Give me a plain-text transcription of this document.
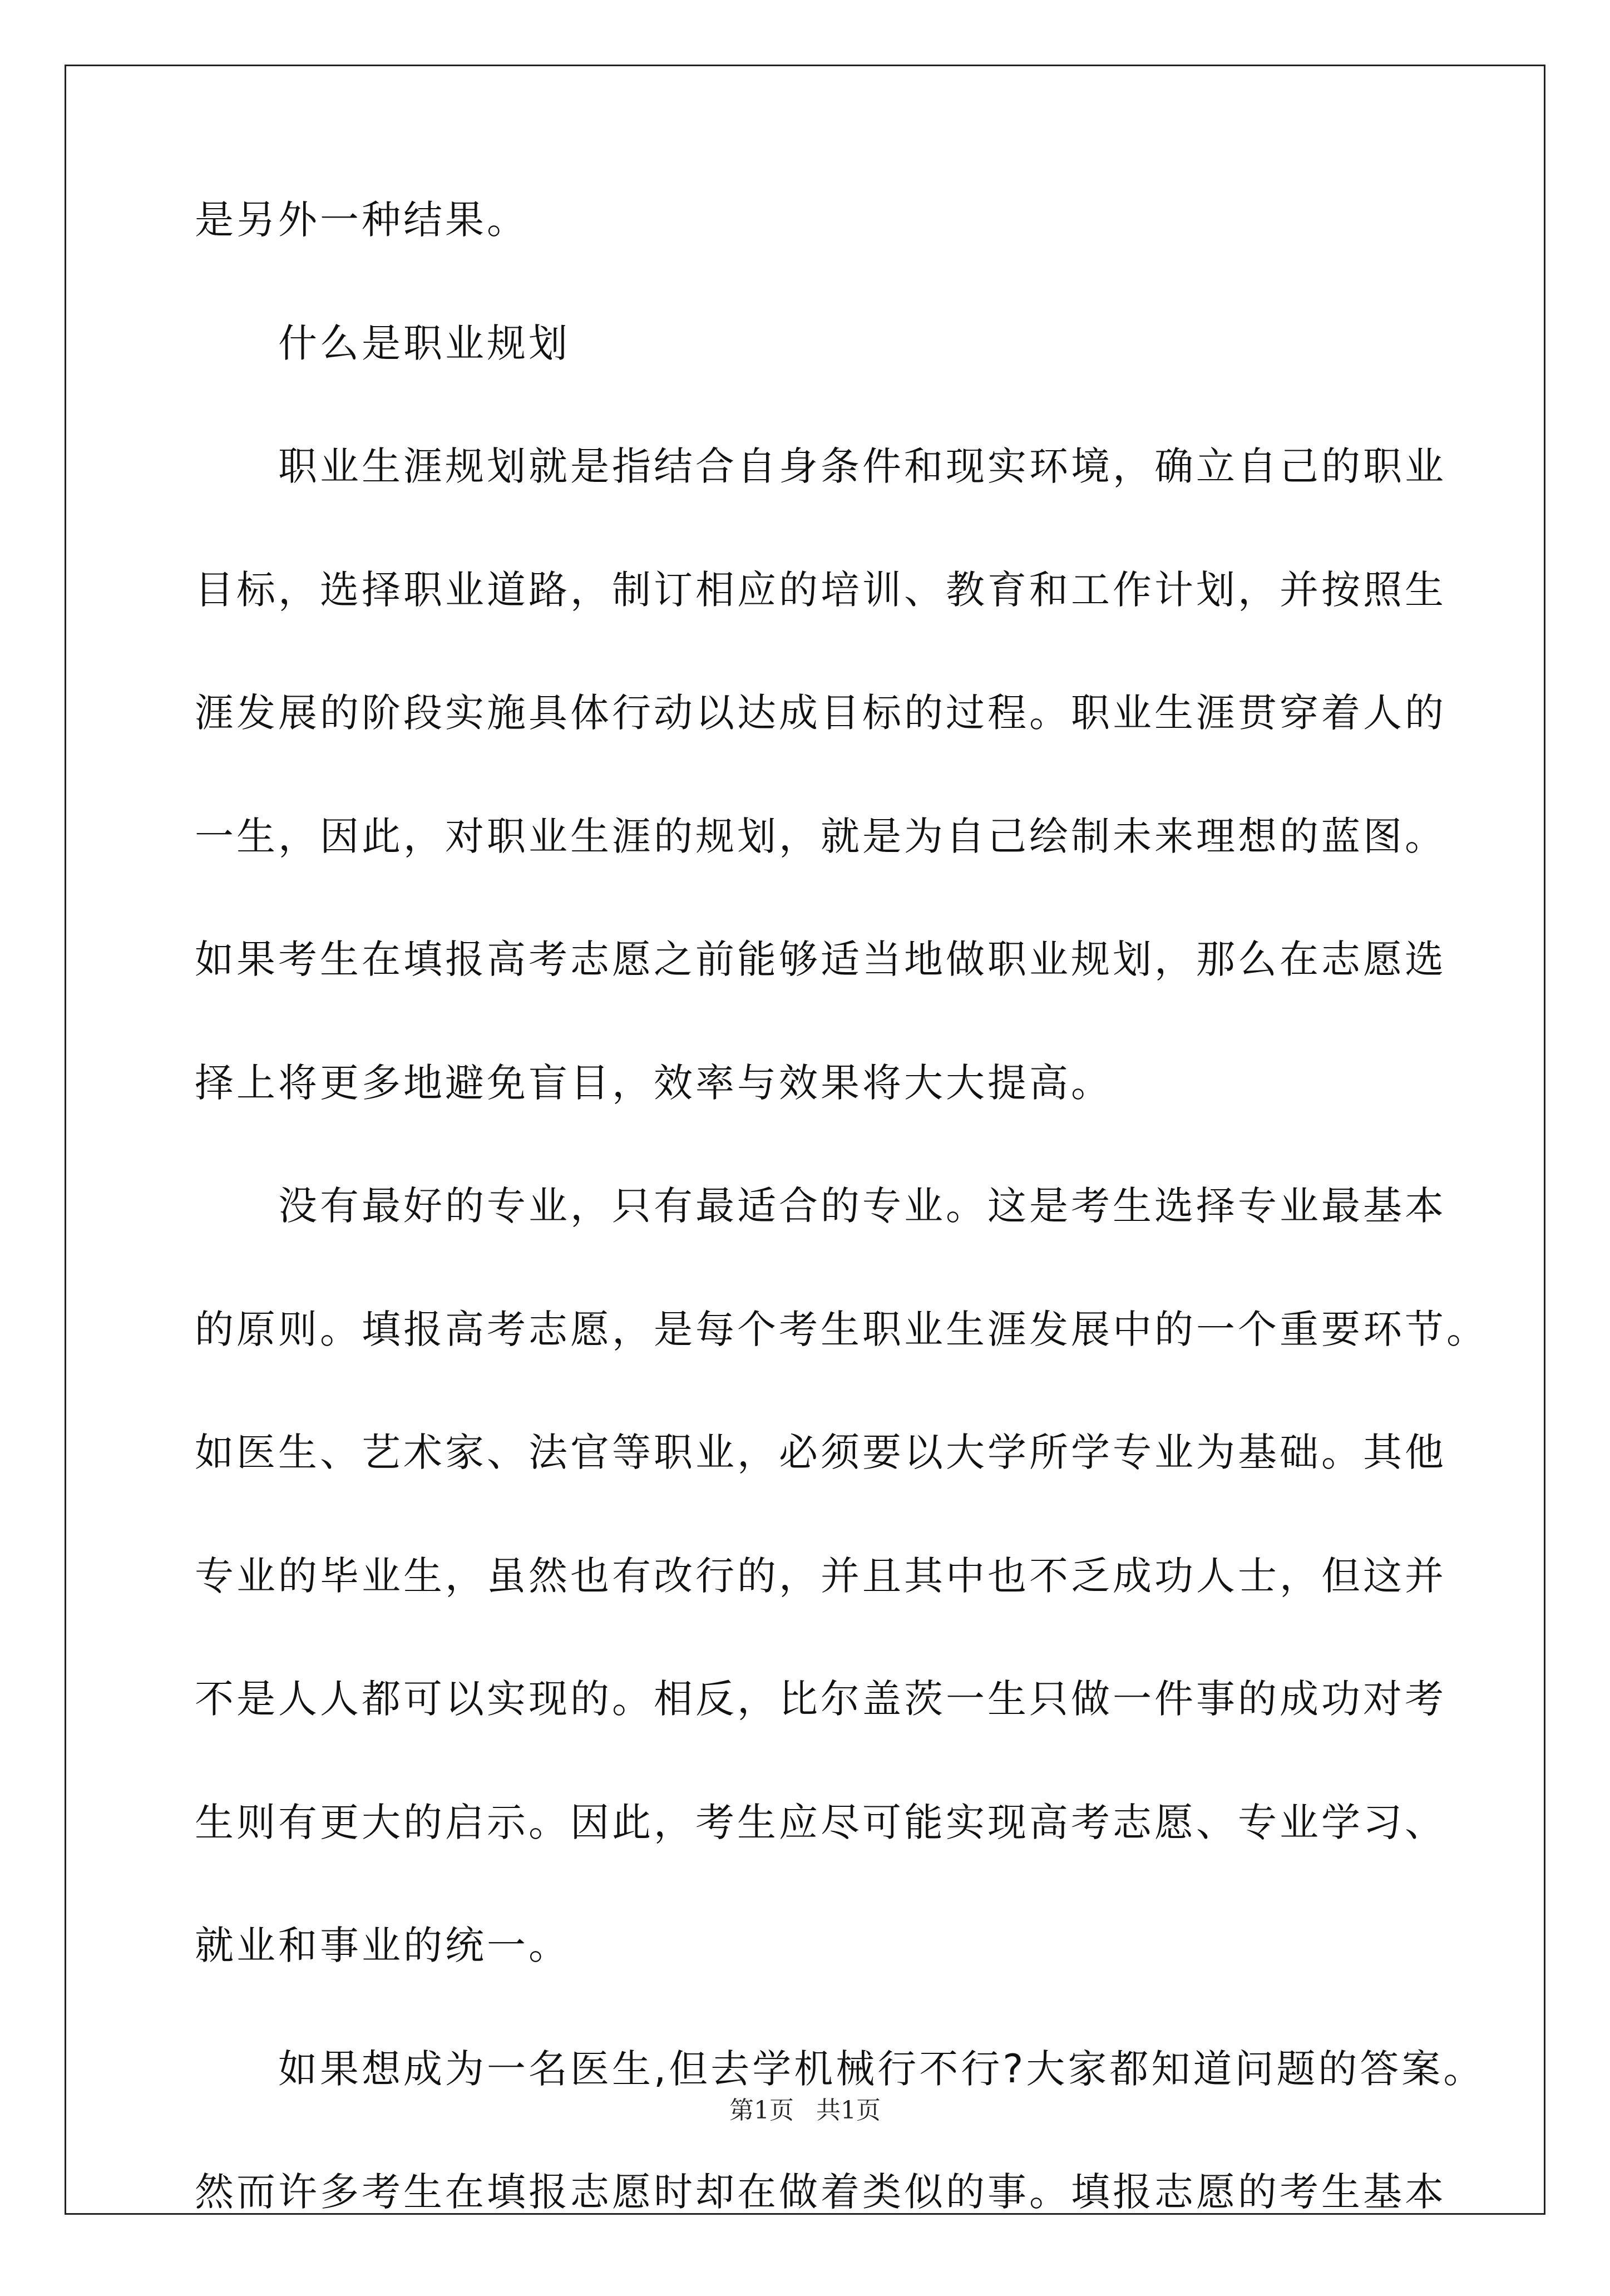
是另外一种结果。
什么是职业规划
职业生涯规划就是指结合自身条件和现实环境，确立自己的职业
目标，选择职业道路，制订相应的培训、教育和工作计划，并按照生
涯发展的阶段实施具体行动以达成目标的过程。职业生涯贯穿着人的
一生，因此，对职业生涯的规划，就是为自己绘制未来理想的蓝图。
如果考生在填报高考志愿之前能够适当地做职业规划，那么在志愿选
择上将更多地避免盲目，效率与效果将大大提高。
没有最好的专业，只有最适合的专业。这是考生选择专业最基本
的原则。填报高考志愿，是每个考生职业生涯发展中的一个重要环节。
如医生、艺术家、法官等职业，必须要以大学所学专业为基础。其他
专业的毕业生，虽然也有改行的，并且其中也不乏成功人士，但这并
不是人人都可以实现的。相反，比尔盖茨一生只做一件事的成功对考
生则有更大的启示。因此，考生应尽可能实现高考志愿、专业学习、
就业和事业的统一。
如果想成为一名医生,但去学机械行不行?大家都知道问题的答案。
然而许多考生在填报志愿时却在做着类似的事。填报志愿的考生基本
第1页 共1页
